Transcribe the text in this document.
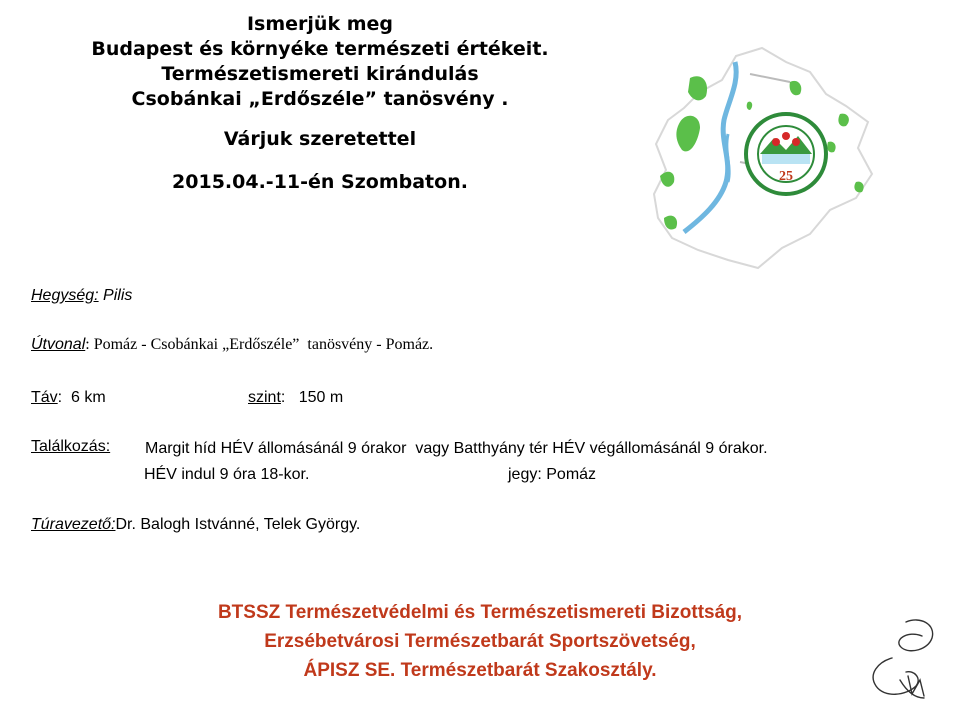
Ismerjük meg
Budapest és környéke természeti értékeit.
Természetismereti kirándulás
Csobánkai „Erdőszéle” tanösvény .
Várjuk szeretettel
2015.04.-11-én Szombaton.	25
Hegység: Pilis
Útvonal: Pomáz - Csobánkai „Erdőszéle”  tanösvény - Pomáz.
Táv:  6 km	szint:   150 m
Találkozás: Margit híd HÉV állomásánál 9 órakor  vagy Batthyány tér HÉV végállomásánál 9 órakor.
HÉV indul 9 óra 18-kor.	jegy: Pomáz
Túravezető:Dr. Balogh Istvánné, Telek György.
BTSSZ Természetvédelmi és Természetismereti Bizottság,
Erzsébetvárosi Természetbarát Sportszövetség,
ÁPISZ SE. Természetbarát Szakosztály.
